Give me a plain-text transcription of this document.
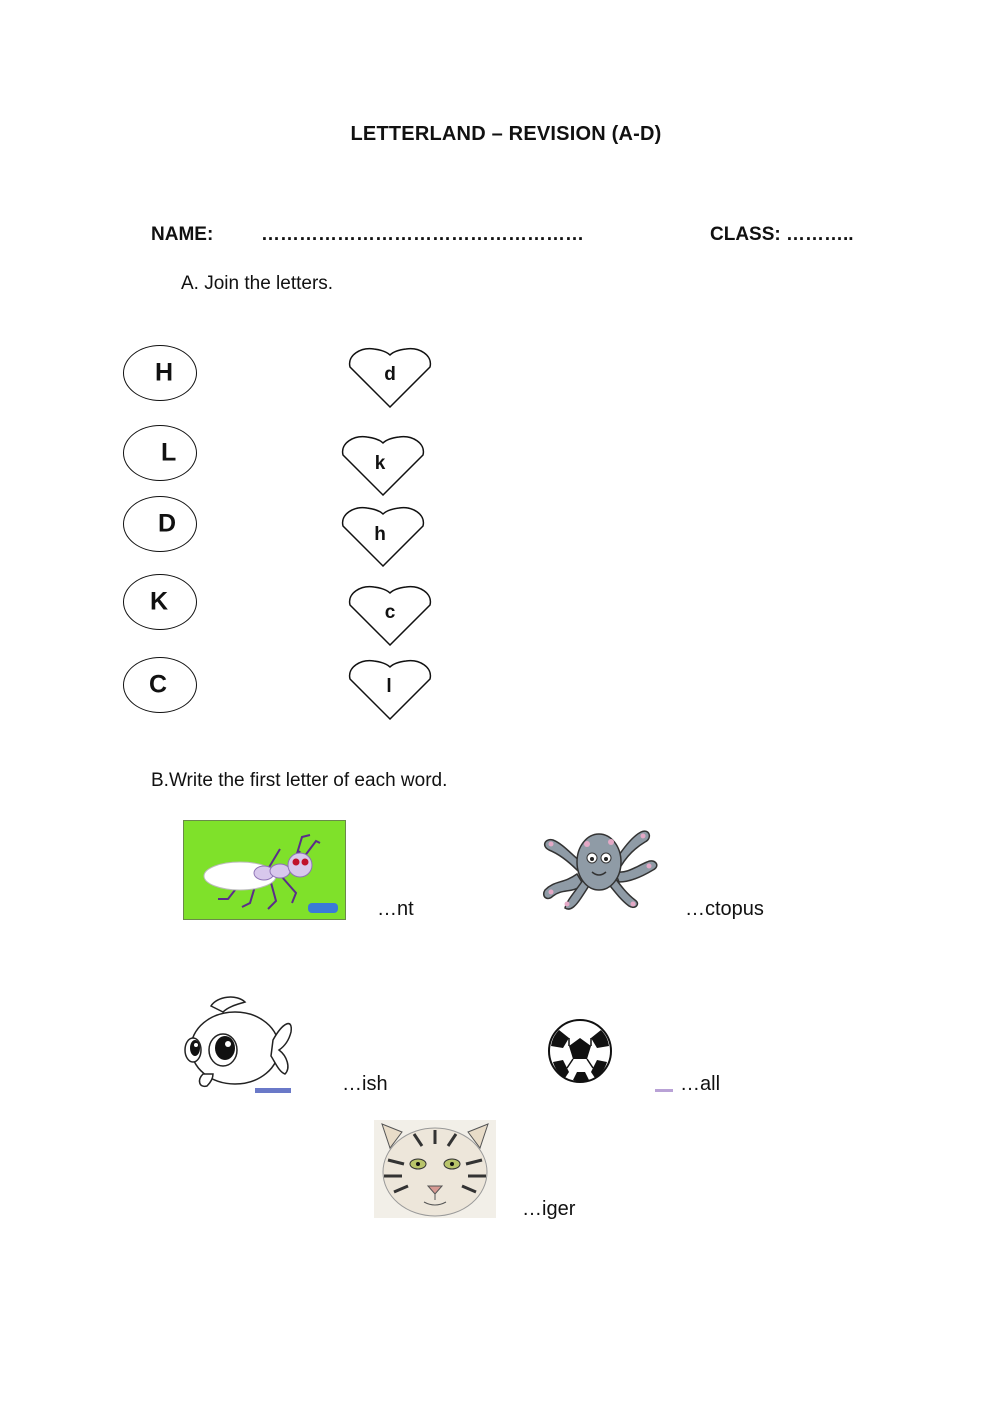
LETTERLAND – REVISION (A-D)
NAME:	……………………………………………	CLASS: ………..
A. Join the letters.
H
L
D
K
C
d
k
h
c
l
B.Write the first letter of each word.
…nt	…ctopus
…ish	…all
…iger
